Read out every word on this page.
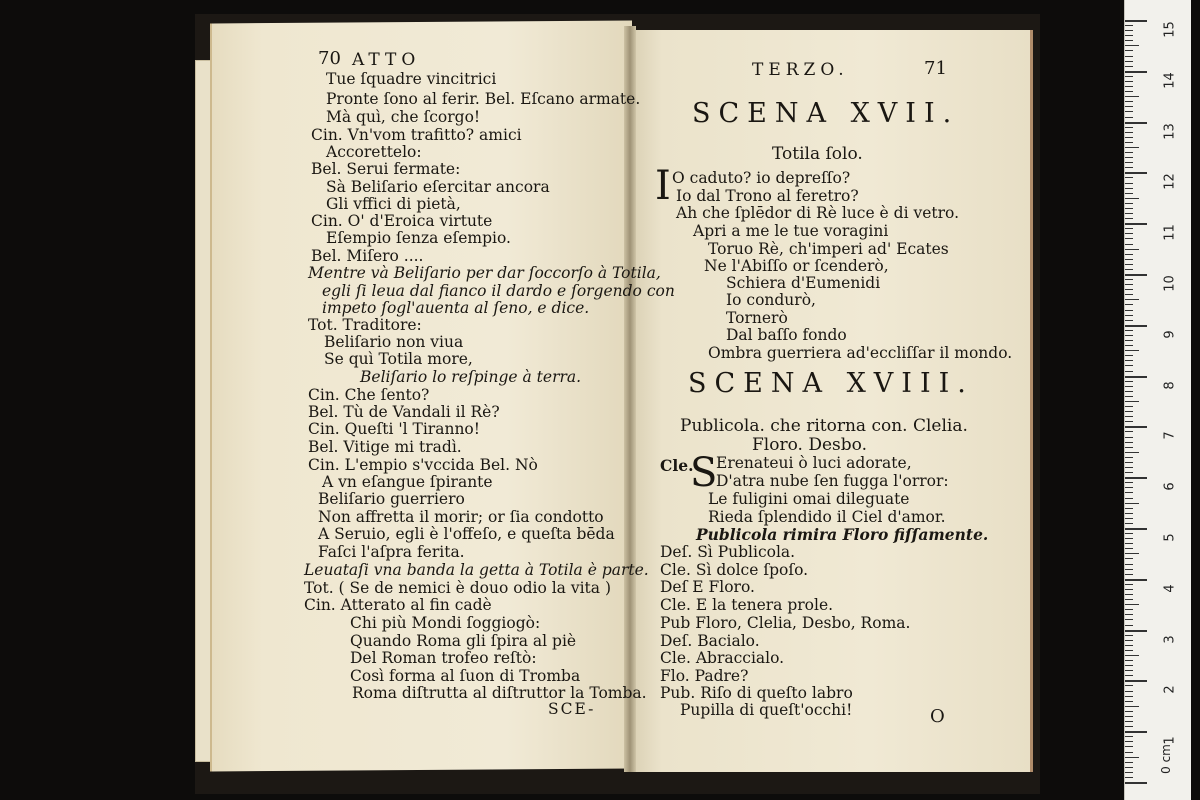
70 ATTO	TERZO.	71
SCENA XVII.
Totila ſolo.
I
SCENA XVIII.
Publicola. che ritorna con. Clelia.
Floro. Desbo.
Cle.
S
O
SCE-
Tue ſquadre vincitrici
Pronte ſono al ferir. Bel. Eſcano armate.
Mà quì, che ſcorgo!
Cin. Vn'vom trafitto? amici
Accorettelo:
Bel. Serui fermate:
Sà Beliſario eſercitar ancora
Gli vffici di pietà,
Cin. O' d'Eroica virtute
Eſempio ſenza eſempio.
Bel. Miſero ....
Mentre và Beliſario per dar ſoccorſo à Totila,
egli ſi leua dal fianco il dardo e ſorgendo con
impeto ſogl'auenta al ſeno, e dice.
Tot. Traditore:
Beliſario non viua
Se quì Totila more,
Beliſario lo reſpinge à terra.
Cin. Che ſento?
Bel. Tù de Vandali il Rè?
Cin. Queſti 'l Tiranno!
Bel. Vitige mi tradì.
Cin. L'empio s'vccida Bel. Nò
A vn eſangue ſpirante
Beliſario guerriero
Non affretta il morir; or ſia condotto
A Seruio, egli è l'offeſo, e queſta bēda
Faſci l'aſpra ferita.
Leuataſi vna banda la getta à Totila è parte.
Tot. ( Se de nemici è douo odio la vita )
Cin. Atterato al fin cadè
Chi più Mondi ſoggiogò:
Quando Roma gli ſpira al piè
Del Roman trofeo reſtò:
Così forma al ſuon di Tromba
Roma diſtrutta al diſtruttor la Tomba.
O caduto? io depreſſo?
Io dal Trono al feretro?
Ah che ſplēdor di Rè luce è di vetro.
Apri a me le tue voragini
Toruo Rè, ch'imperi ad' Ecates
Ne l'Abiſſo or ſcenderò,
Schiera d'Eumenidi
Io condurò,
Tornerò
Dal baſſo fondo
Ombra guerriera ad'eccliſſar il mondo.
Erenateui ò luci adorate,
D'atra nube ſen fugga l'orror:
Le fuligini omai dileguate
Rieda ſplendido il Ciel d'amor.
Publicola rimira Floro fiſſamente.
Deſ. Sì Publicola.
Cle. Sì dolce ſpoſo.
Deſ E Floro.
Cle. E la tenera prole.
Pub Floro, Clelia, Desbo, Roma.
Deſ. Bacialo.
Cle. Abraccialo.
Flo. Padre?
Pub. Riſo di queſto labro
Pupilla di queſt'occhi!
15
14
13
12
11
10
9
8
7
6
5
4
3
2
1
0 cm
